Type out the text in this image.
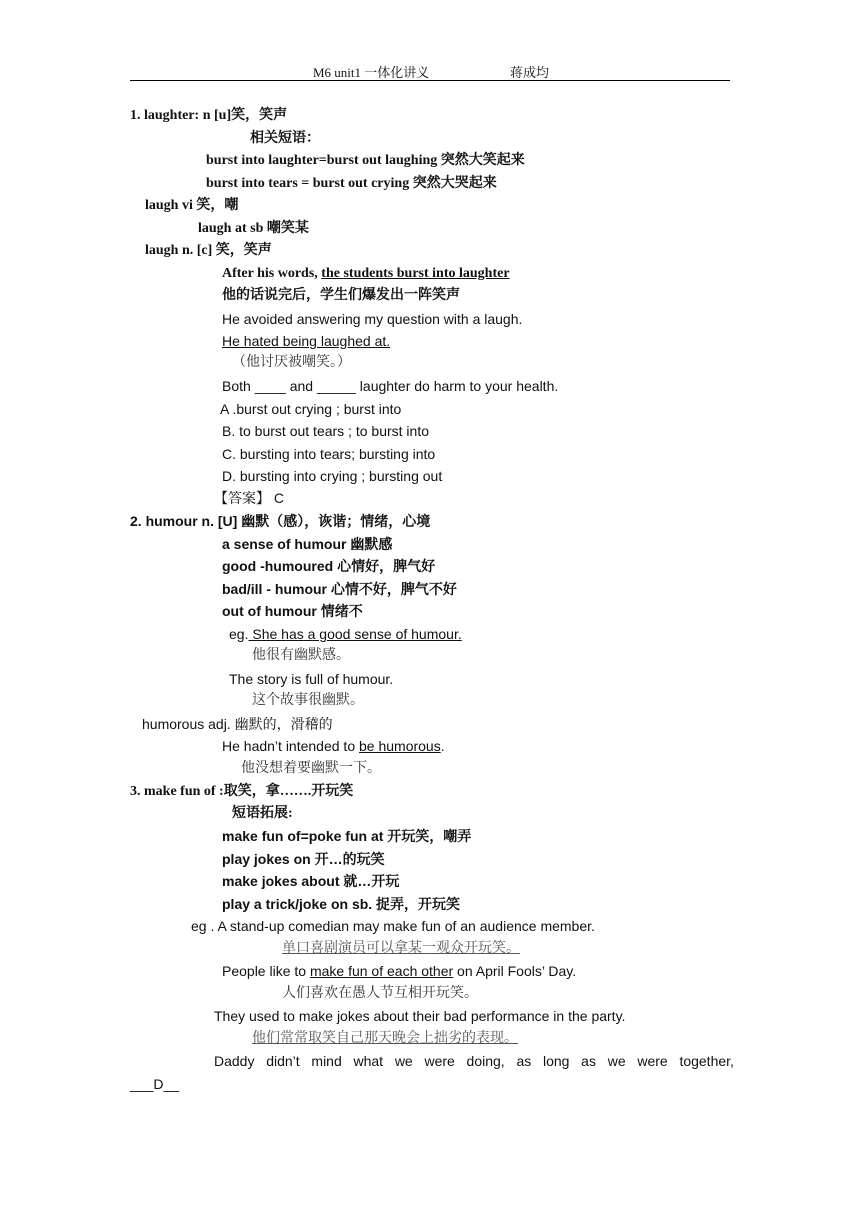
M6 unit1 一体化讲义	蒋成均
1. laughter: n [u]笑，笑声
相关短语：
burst into laughter=burst out laughing 突然大笑起来
burst into tears = burst out crying 突然大哭起来
laugh vi 笑，嘲
laugh at sb 嘲笑某
laugh n. [c] 笑，笑声
After his words, the students burst into laughter
他的话说完后，学生们爆发出一阵笑声
He avoided answering my question with a laugh.
He hated being laughed at.
（他讨厌被嘲笑。）
Both ____ and _____ laughter do harm to your health.
A .burst out crying ; burst into
B. to burst out tears ; to burst into
C. bursting into tears; bursting into
D. bursting into crying ; bursting out
【答案】 C
2. humour n. [U] 幽默（感），诙谐；情绪，心境
a sense of humour 幽默感
good -humoured 心情好，脾气好
bad/ill - humour 心情不好，脾气不好
out of humour 情绪不
eg. She has a good sense of humour.
他很有幽默感。
The story is full of humour.
这个故事很幽默。
humorous adj. 幽默的，滑稽的
He hadn’t intended to be humorous.
他没想着要幽默一下。
3. make fun of :取笑，拿…….开玩笑
短语拓展:
make fun of=poke fun at 开玩笑，嘲弄
play jokes on 开…的玩笑
make jokes about 就…开玩
play a trick/joke on sb. 捉弄，开玩笑
eg . A stand-up comedian may make fun of an audience member.
单口喜剧演员可以拿某一观众开玩笑。
People like to make fun of each other on April Fools’ Day.
人们喜欢在愚人节互相开玩笑。
They used to make jokes about their bad performance in the party.
他们常常取笑自己那天晚会上拙劣的表现。
Daddy didn’t mind what we were doing, as long as we were together,
___D__
